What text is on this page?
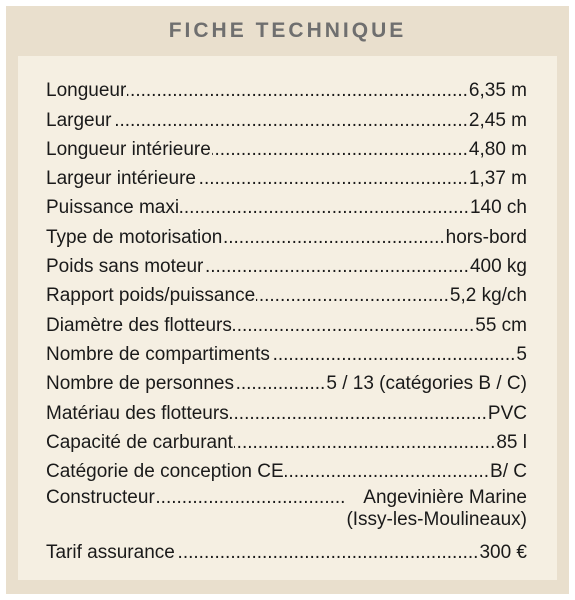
FICHE TECHNIQUE
Longueur .....	6,35 m
Largeur .....	2,45 m
Longueur intérieure .....	4,80 m
Largeur intérieure .....	1,37 m
Puissance maxi .....	140 ch
Type de motorisation .....	hors-bord
Poids sans moteur .....	400 kg
Rapport poids/puissance .....	5,2 kg/ch
Diamètre des flotteurs .....	55 cm
Nombre de compartiments .....	5
Nombre de personnes .....	5 / 13 (catégories B / C)
Matériau des flotteurs .....	PVC
Capacité de carburant .....	85 l
Catégorie de conception CE .....	B/ C
Constructeur .....	Angevinière Marine
(Issy-les-Moulineaux)
Tarif assurance .....	300 €
